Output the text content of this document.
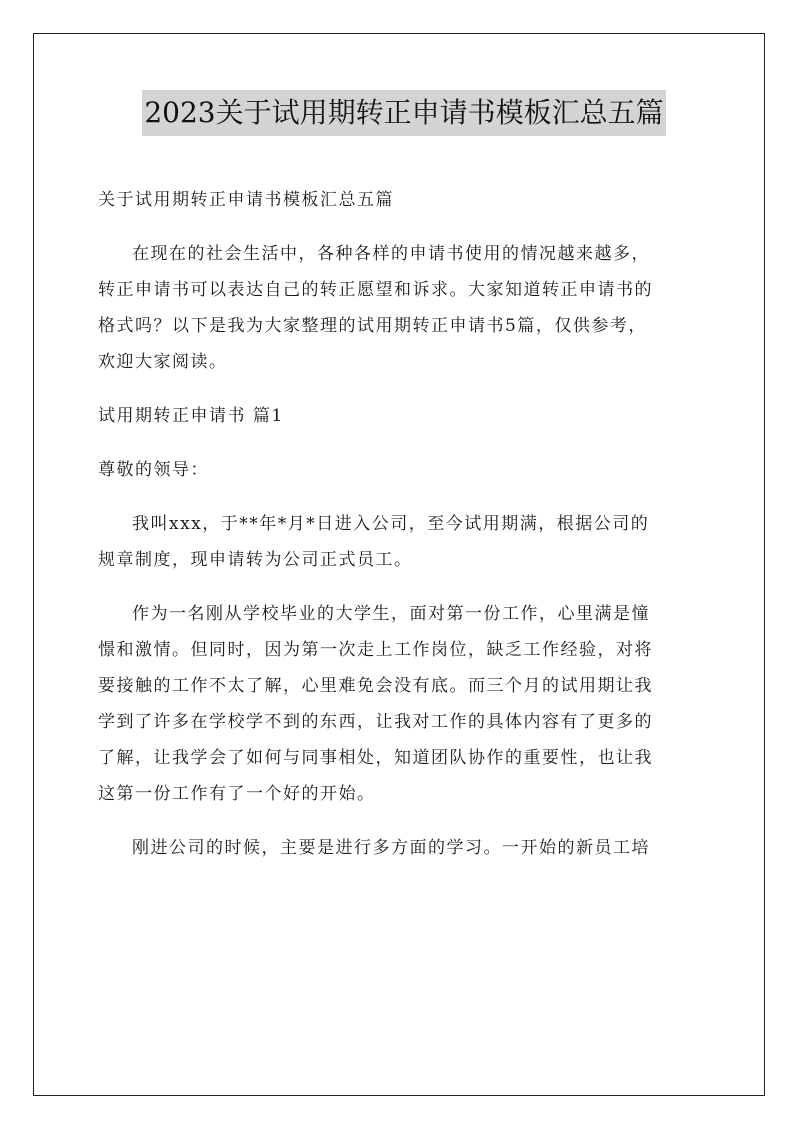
2023关于试用期转正申请书模板汇总五篇

关于试用期转正申请书模板汇总五篇

在现在的社会生活中，各种各样的申请书使用的情况越来越多，
转正申请书可以表达自己的转正愿望和诉求。大家知道转正申请书的
格式吗？以下是我为大家整理的试用期转正申请书5篇，仅供参考，
欢迎大家阅读。

试用期转正申请书 篇1

尊敬的领导：

我叫xxx，于**年*月*日进入公司，至今试用期满，根据公司的
规章制度，现申请转为公司正式员工。

作为一名刚从学校毕业的大学生，面对第一份工作，心里满是憧
憬和激情。但同时，因为第一次走上工作岗位，缺乏工作经验，对将
要接触的工作不太了解，心里难免会没有底。而三个月的试用期让我
学到了许多在学校学不到的东西，让我对工作的具体内容有了更多的
了解，让我学会了如何与同事相处，知道团队协作的重要性，也让我
这第一份工作有了一个好的开始。

刚进公司的时候，主要是进行多方面的学习。一开始的新员工培
